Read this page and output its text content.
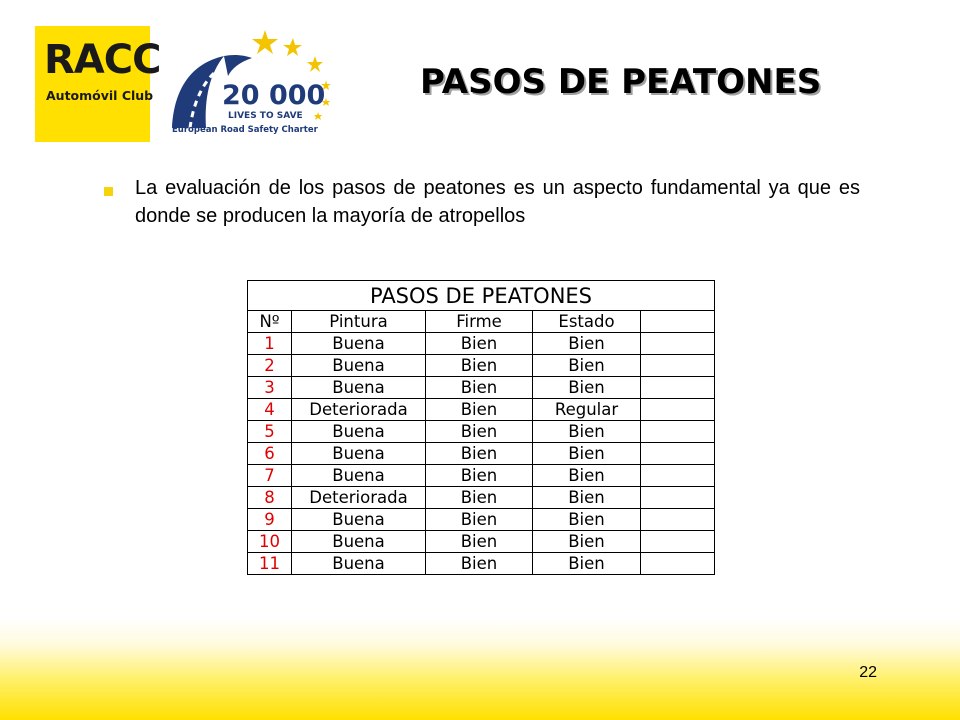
RACC
Automóvil Club	20 000
LIVES TO SAVE
European Road Safety Charter
PASOS DE PEATONES

La evaluación de los pasos de peatones es un aspecto fundamental ya que es donde se producen la mayoría de atropellos

PASOS DE PEATONES				
Nº	Pintura	Firme	Estado	
1	Buena	Bien	Bien	
2	Buena	Bien	Bien	
3	Buena	Bien	Bien	
4	Deteriorada	Bien	Regular	
5	Buena	Bien	Bien	
6	Buena	Bien	Bien	
7	Buena	Bien	Bien	
8	Deteriorada	Bien	Bien	
9	Buena	Bien	Bien	
10	Buena	Bien	Bien	
11	Buena	Bien	Bien	
22
